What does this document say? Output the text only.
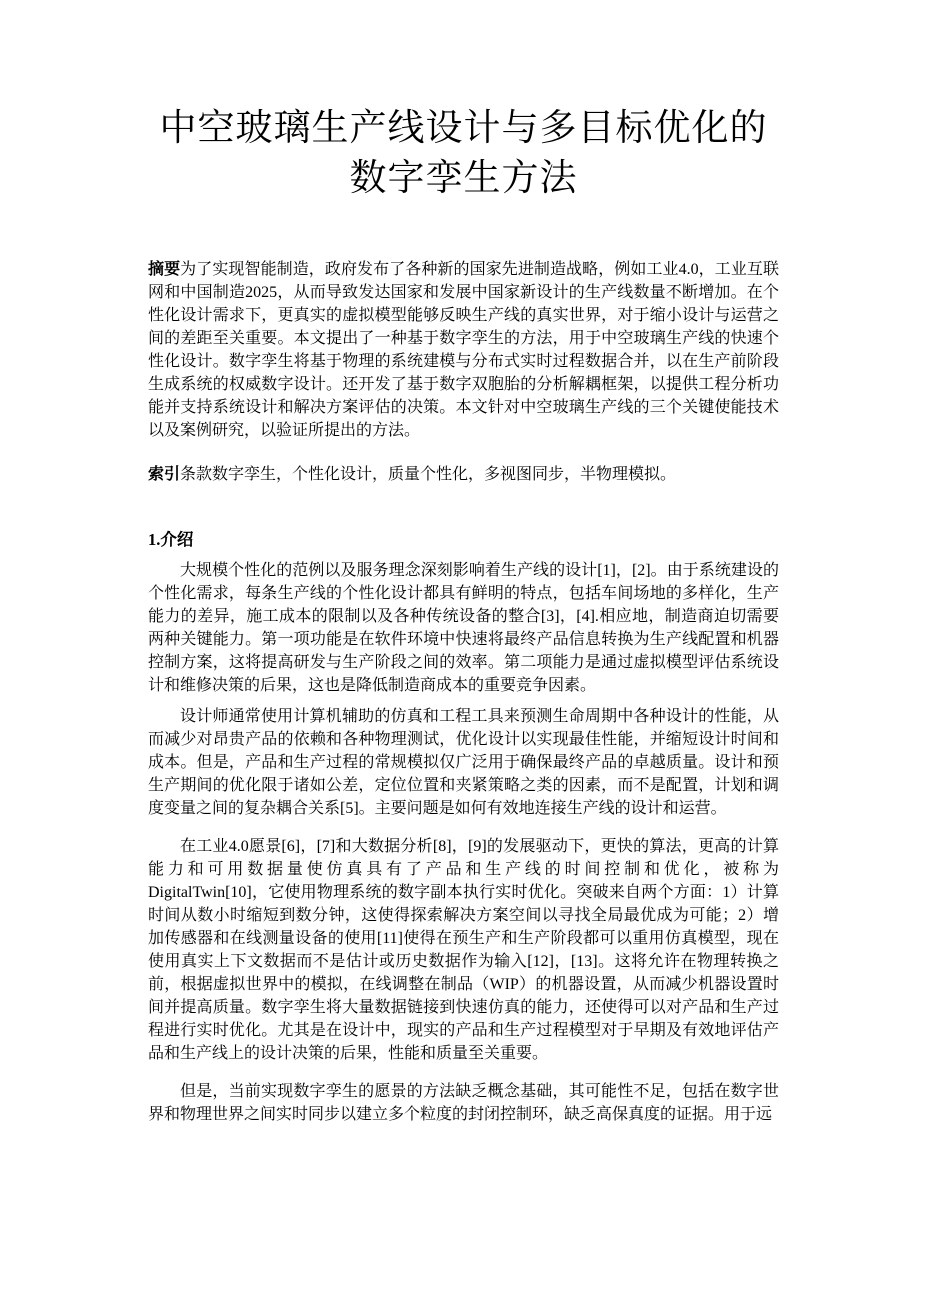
中空玻璃生产线设计与多目标优化的
数字孪生方法

摘要为了实现智能制造，政府发布了各种新的国家先进制造战略，例如工业4.0，工业互联网和中国制造2025，从而导致发达国家和发展中国家新设计的生产线数量不断增加。在个性化设计需求下，更真实的虚拟模型能够反映生产线的真实世界，对于缩小设计与运营之间的差距至关重要。本文提出了一种基于数字孪生的方法，用于中空玻璃生产线的快速个性化设计。数字孪生将基于物理的系统建模与分布式实时过程数据合并，以在生产前阶段生成系统的权威数字设计。还开发了基于数字双胞胎的分析解耦框架，以提供工程分析功能并支持系统设计和解决方案评估的决策。本文针对中空玻璃生产线的三个关键使能技术以及案例研究，以验证所提出的方法。

索引条款数字孪生，个性化设计，质量个性化，多视图同步，半物理模拟。

1.介绍

大规模个性化的范例以及服务理念深刻影响着生产线的设计[1]，[2]。由于系统建设的个性化需求，每条生产线的个性化设计都具有鲜明的特点，包括车间场地的多样化，生产能力的差异，施工成本的限制以及各种传统设备的整合[3]，[4].相应地，制造商迫切需要两种关键能力。第一项功能是在软件环境中快速将最终产品信息转换为生产线配置和机器控制方案，这将提高研发与生产阶段之间的效率。第二项能力是通过虚拟模型评估系统设计和维修决策的后果，这也是降低制造商成本的重要竞争因素。

设计师通常使用计算机辅助的仿真和工程工具来预测生命周期中各种设计的性能，从而减少对昂贵产品的依赖和各种物理测试，优化设计以实现最佳性能，并缩短设计时间和成本。但是，产品和生产过程的常规模拟仅广泛用于确保最终产品的卓越质量。设计和预生产期间的优化限于诸如公差，定位位置和夹紧策略之类的因素，而不是配置，计划和调度变量之间的复杂耦合关系[5]。主要问题是如何有效地连接生产线的设计和运营。

在工业4.0愿景[6]，[7]和大数据分析[8]，[9]的发展驱动下，更快的算法，更高的计算能力和可用数据量使仿真具有了产品和生产线的时间控制和优化，被称为DigitalTwin[10]，它使用物理系统的数字副本执行实时优化。突破来自两个方面：1）计算时间从数小时缩短到数分钟，这使得探索解决方案空间以寻找全局最优成为可能；2）增加传感器和在线测量设备的使用[11]使得在预生产和生产阶段都可以重用仿真模型，现在使用真实上下文数据而不是估计或历史数据作为输入[12]，[13]。这将允许在物理转换之前，根据虚拟世界中的模拟，在线调整在制品（WIP）的机器设置，从而减少机器设置时间并提高质量。数字孪生将大量数据链接到快速仿真的能力，还使得可以对产品和生产过程进行实时优化。尤其是在设计中，现实的产品和生产过程模型对于早期及有效地评估产品和生产线上的设计决策的后果，性能和质量至关重要。

但是，当前实现数字孪生的愿景的方法缺乏概念基础，其可能性不足，包括在数字世界和物理世界之间实时同步以建立多个粒度的封闭控制环，缺乏高保真度的证据。用于远
